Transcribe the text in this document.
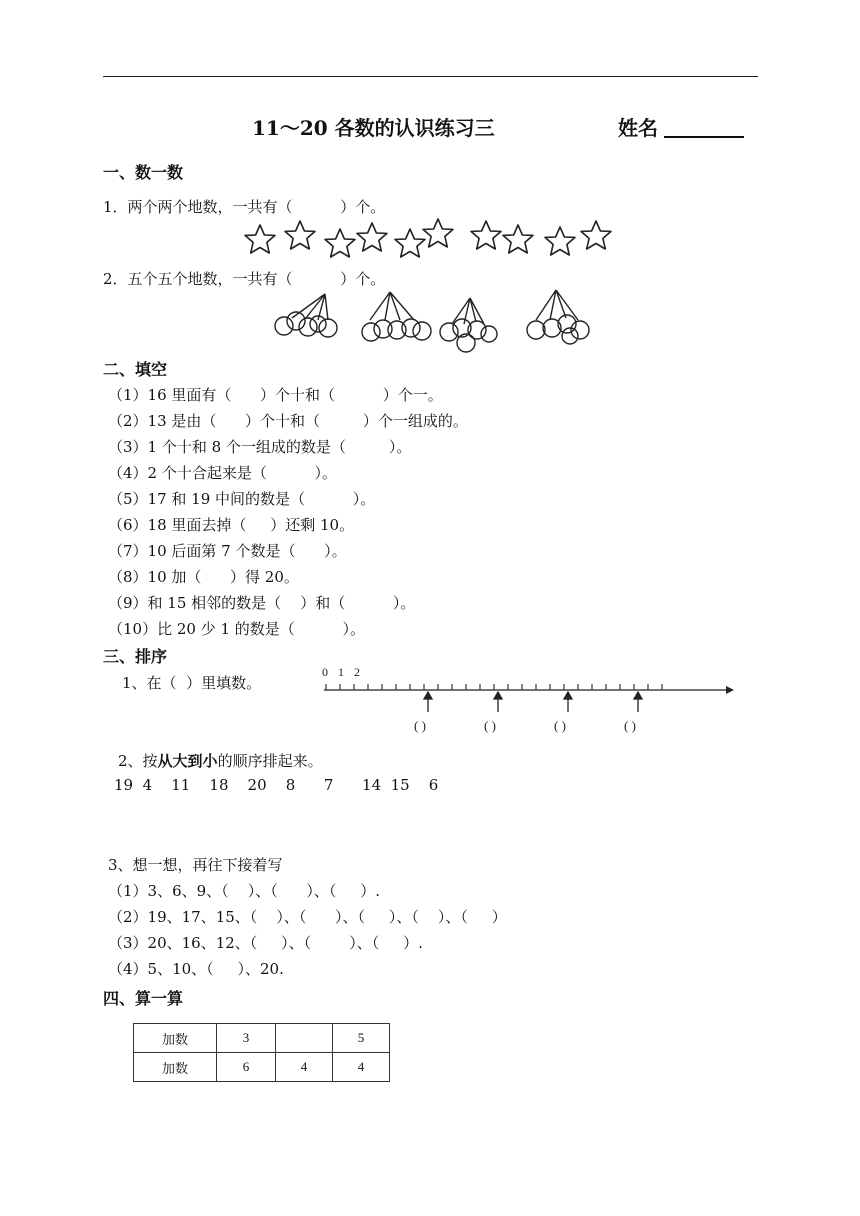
11～20 各数的认识练习三	姓名
一、数一数
1．两个两个地数，一共有（          ）个。
2．五个五个地数，一共有（          ）个。
二、填空
（1）16 里面有（      ）个十和（          ）个一。
（2）13 是由（      ）个十和（         ）个一组成的。
（3）1 个十和 8 个一组成的数是（         ）。
（4）2 个十合起来是（          ）。
（5）17 和 19 中间的数是（          ）。
（6）18 里面去掉（     ）还剩 10。
（7）10 后面第 7 个数是（      ）。
（8）10 加（      ）得 20。
（9）和 15 相邻的数是（    ）和（          ）。
（10）比 20 少 1 的数是（          ）。
三、排序
1、在（  ）里填数。
0 1 2
( )	( )	( )	( )
2、按从大到小的顺序排起来。
19  4    11    18    20    8      7      14  15    6
3、想一想，再往下接着写
（1）3、6、9、（    ）、（      ）、（     ）.
（2）19、17、15、（    ）、（      ）、（     ）、（    ）、（     ）
（3）20、16、12、（     ）、（        ）、（     ）.
（4）5、10、（     ）、20.
四、算一算
加数	3		5
加数	6	4	4
